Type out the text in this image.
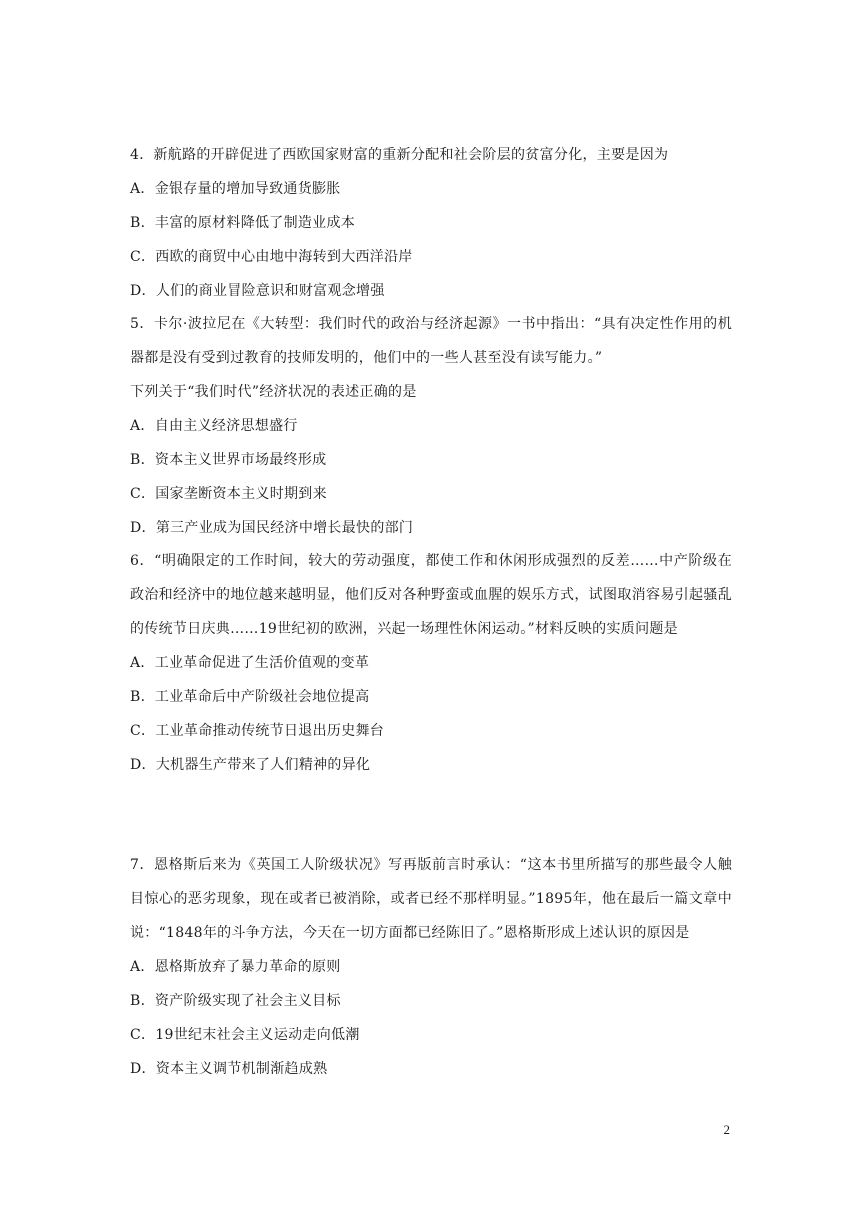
4．新航路的开辟促进了西欧国家财富的重新分配和社会阶层的贫富分化，主要是因为
A．金银存量的增加导致通货膨胀
B．丰富的原材料降低了制造业成本
C．西欧的商贸中心由地中海转到大西洋沿岸
D．人们的商业冒险意识和财富观念增强
5．卡尔·波拉尼在《大转型：我们时代的政治与经济起源》一书中指出：“具有决定性作用的机器都是没有受到过教育的技师发明的，他们中的一些人甚至没有读写能力。”
下列关于“我们时代”经济状况的表述正确的是
A．自由主义经济思想盛行
B．资本主义世界市场最终形成
C．国家垄断资本主义时期到来
D．第三产业成为国民经济中增长最快的部门
6．“明确限定的工作时间，较大的劳动强度，都使工作和休闲形成强烈的反差……中产阶级在政治和经济中的地位越来越明显，他们反对各种野蛮或血腥的娱乐方式，试图取消容易引起骚乱的传统节日庆典……19世纪初的欧洲，兴起一场理性休闲运动。”材料反映的实质问题是
A．工业革命促进了生活价值观的变革
B．工业革命后中产阶级社会地位提高
C．工业革命推动传统节日退出历史舞台
D．大机器生产带来了人们精神的异化
7．恩格斯后来为《英国工人阶级状况》写再版前言时承认：“这本书里所描写的那些最令人触目惊心的恶劣现象，现在或者已被消除，或者已经不那样明显。”1895年，他在最后一篇文章中说：“1848年的斗争方法，今天在一切方面都已经陈旧了。”恩格斯形成上述认识的原因是
A．恩格斯放弃了暴力革命的原则
B．资产阶级实现了社会主义目标
C．19世纪末社会主义运动走向低潮
D．资本主义调节机制渐趋成熟
2
